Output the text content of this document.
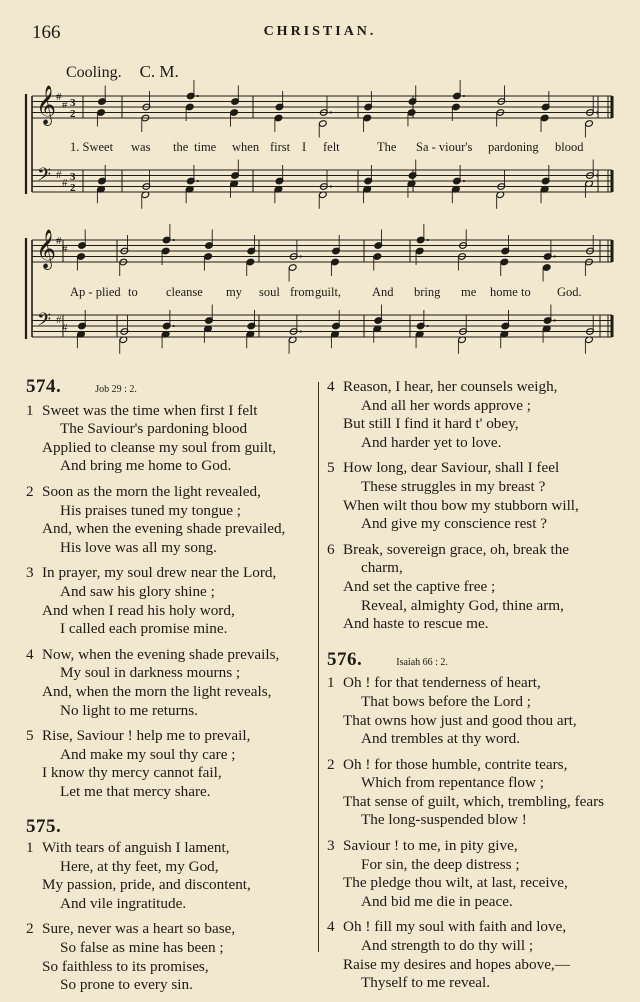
166	CHRISTIAN.
Cooling. C. M.
𝄞
𝄢
#
#
#
#
3
2
3
2
𝄞
𝄢
#
#
#
#
1. Sweet was the time when first I felt	The Sa - viour's pardoning blood
Ap - plied to cleanse my soul from guilt, And bring me home to God.
574.	Job 29 : 2.
1 Sweet was the time when first I felt
The Saviour's pardoning blood
Applied to cleanse my soul from guilt,
And bring me home to God.
2 Soon as the morn the light revealed,
His praises tuned my tongue ;
And, when the evening shade prevailed,
His love was all my song.
3 In prayer, my soul drew near the Lord,
And saw his glory shine ;
And when I read his holy word,
I called each promise mine.
4 Now, when the evening shade prevails,
My soul in darkness mourns ;
And, when the morn the light reveals,
No light to me returns.
5 Rise, Saviour ! help me to prevail,
And make my soul thy care ;
I know thy mercy cannot fail,
Let me that mercy share.
575.
1 With tears of anguish I lament,
Here, at thy feet, my God,
My passion, pride, and discontent,
And vile ingratitude.
2 Sure, never was a heart so base,
So false as mine has been ;
So faithless to its promises,
So prone to every sin.
4 Reason, I hear, her counsels weigh,
And all her words approve ;
But still I find it hard t' obey,
And harder yet to love.
5 How long, dear Saviour, shall I feel
These struggles in my breast ?
When wilt thou bow my stubborn will,
And give my conscience rest ?
6 Break, sovereign grace, oh, break the
charm,
And set the captive free ;
Reveal, almighty God, thine arm,
And haste to rescue me.
576.	Isaiah 66 : 2.
1 Oh ! for that tenderness of heart,
That bows before the Lord ;
That owns how just and good thou art,
And trembles at thy word.
2 Oh ! for those humble, contrite tears,
Which from repentance flow ;
That sense of guilt, which, trembling, fears
The long-suspended blow !
3 Saviour ! to me, in pity give,
For sin, the deep distress ;
The pledge thou wilt, at last, receive,
And bid me die in peace.
4 Oh ! fill my soul with faith and love,
And strength to do thy will ;
Raise my desires and hopes above,—
Thyself to me reveal.
